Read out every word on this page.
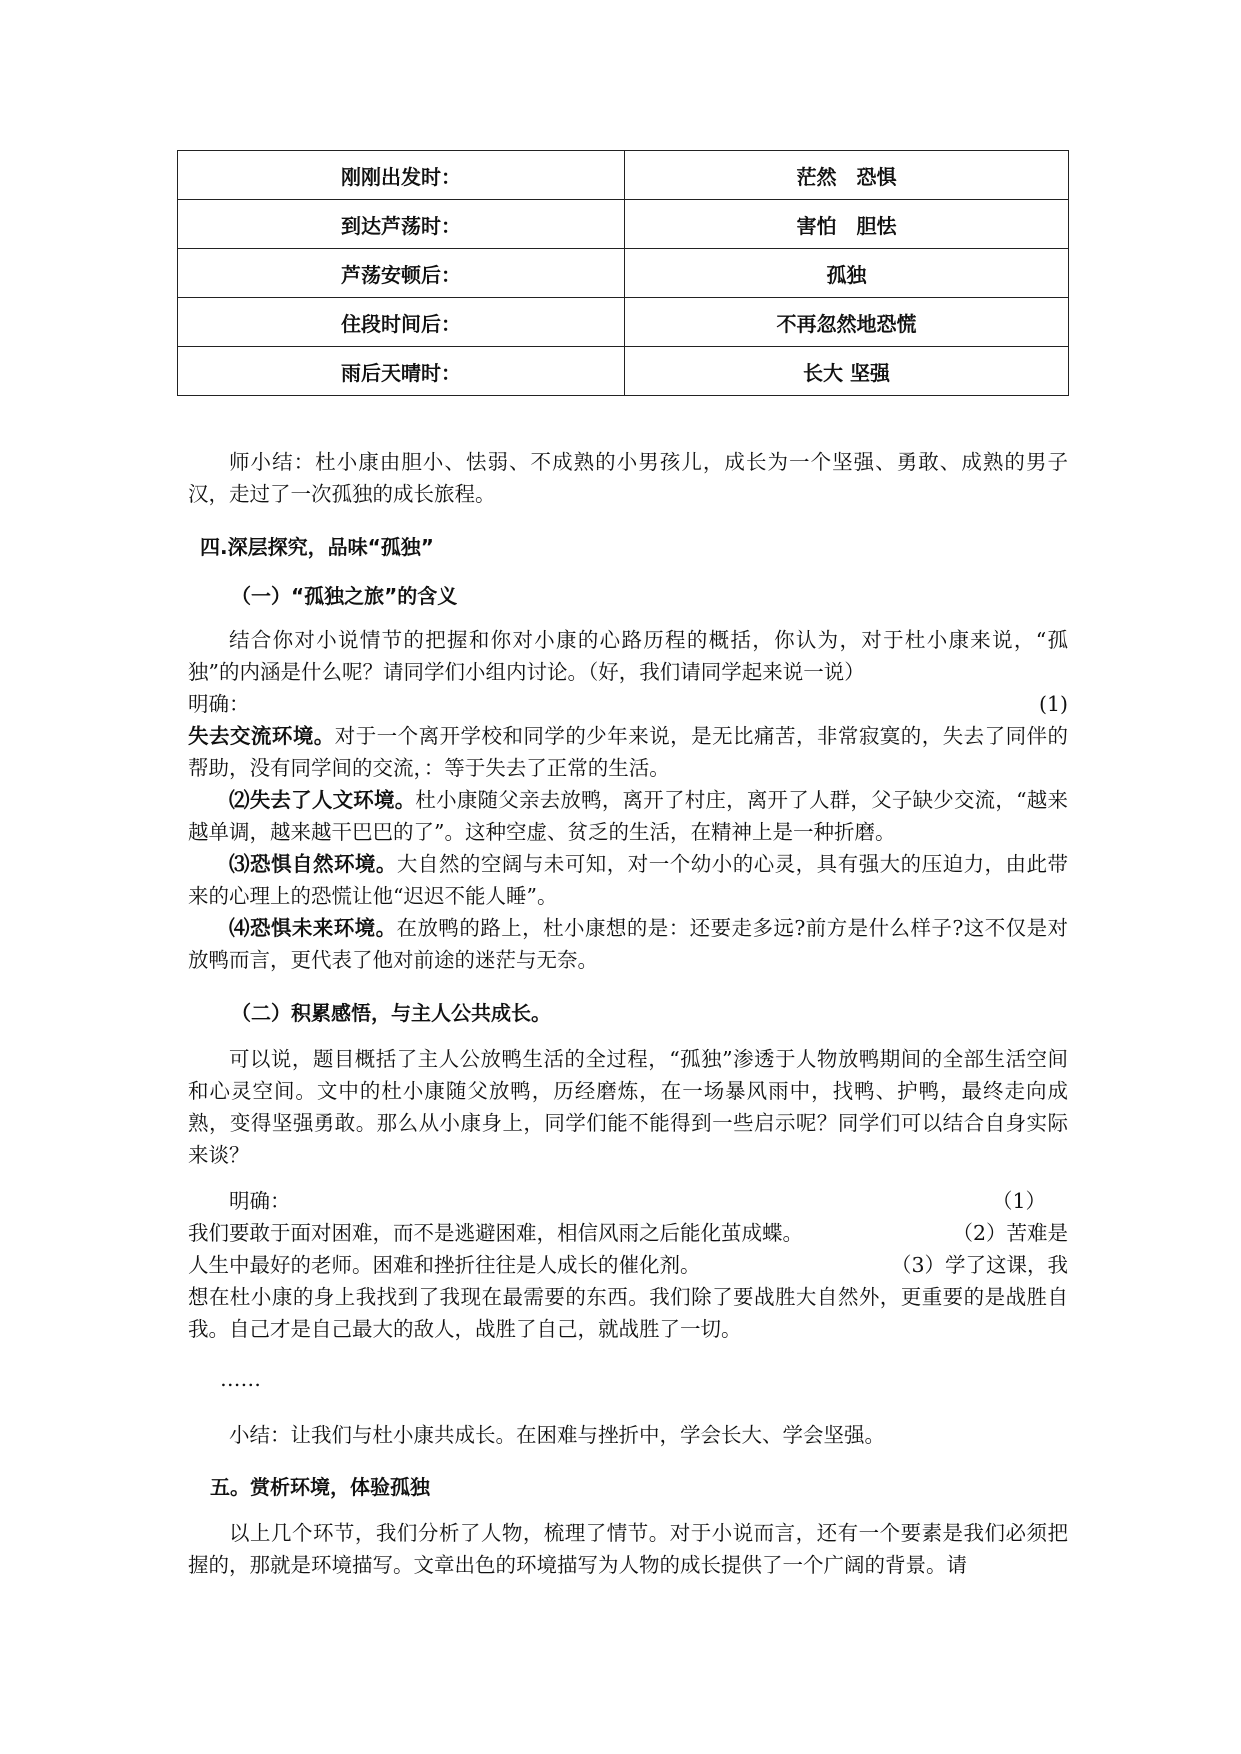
刚刚出发时：	茫然　恐惧
到达芦荡时：	害怕　胆怯
芦荡安顿后：	孤独
住段时间后：	不再忽然地恐慌
雨后天晴时：	长大 坚强

师小结：杜小康由胆小、怯弱、不成熟的小男孩儿，成长为一个坚强、勇敢、成熟的男子汉，走过了一次孤独的成长旅程。

四.深层探究，品味“孤独”

（一）“孤独之旅”的含义

结合你对小说情节的把握和你对小康的心路历程的概括，你认为，对于杜小康来说，“孤独”的内涵是什么呢？请同学们小组内讨论。（好，我们请同学起来说一说）

明确：	(1)

失去交流环境。对于一个离开学校和同学的少年来说，是无比痛苦，非常寂寞的，失去了同伴的帮助，没有同学间的交流，：等于失去了正常的生活。

⑵失去了人文环境。杜小康随父亲去放鸭，离开了村庄，离开了人群，父子缺少交流，“越来越单调，越来越干巴巴的了”。这种空虚、贫乏的生活，在精神上是一种折磨。

⑶恐惧自然环境。大自然的空阔与未可知，对一个幼小的心灵，具有强大的压迫力，由此带来的心理上的恐慌让他“迟迟不能人睡”。

⑷恐惧未来环境。在放鸭的路上，杜小康想的是：还要走多远?前方是什么样子?这不仅是对放鸭而言，更代表了他对前途的迷茫与无奈。

（二）积累感悟，与主人公共成长。

可以说，题目概括了主人公放鸭生活的全过程，“孤独”渗透于人物放鸭期间的全部生活空间和心灵空间。文中的杜小康随父放鸭，历经磨炼，在一场暴风雨中，找鸭、护鸭，最终走向成熟，变得坚强勇敢。那么从小康身上，同学们能不能得到一些启示呢？同学们可以结合自身实际来谈？

明确：	（1）
我们要敢于面对困难，而不是逃避困难，相信风雨之后能化茧成蝶。	（2）苦难是
人生中最好的老师。困难和挫折往往是人成长的催化剂。	（3）学了这课，我

想在杜小康的身上我找到了我现在最需要的东西。我们除了要战胜大自然外，更重要的是战胜自我。自己才是自己最大的敌人，战胜了自己，就战胜了一切。

……

小结：让我们与杜小康共成长。在困难与挫折中，学会长大、学会坚强。

五。赏析环境，体验孤独

以上几个环节，我们分析了人物，梳理了情节。对于小说而言，还有一个要素是我们必须把握的，那就是环境描写。文章出色的环境描写为人物的成长提供了一个广阔的背景。请
